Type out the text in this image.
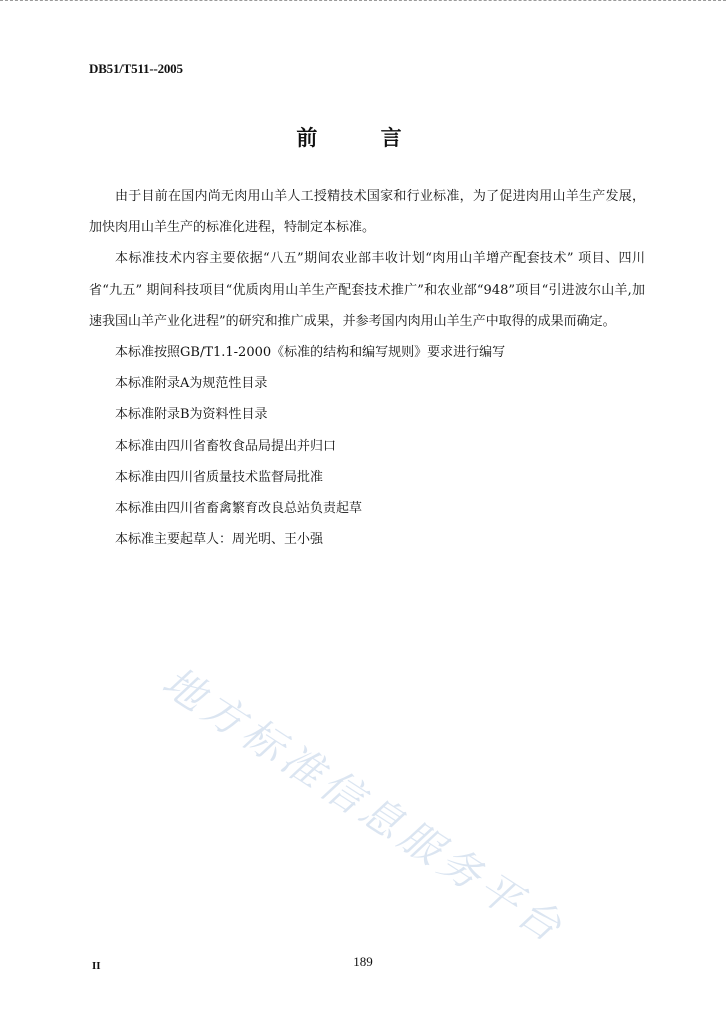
DB51/T511--2005
前 言

由于目前在国内尚无肉用山羊人工授精技术国家和行业标准，为了促进肉用山羊生产发展，加快肉用山羊生产的标准化进程，特制定本标准。

本标准技术内容主要依据“八五”期间农业部丰收计划“肉用山羊增产配套技术” 项目、四川省“九五” 期间科技项目“优质肉用山羊生产配套技术推广”和农业部“948”项目“引进波尔山羊,加速我国山羊产业化进程”的研究和推广成果，并参考国内肉用山羊生产中取得的成果而确定。

本标准按照GB/T1.1-2000《标准的结构和编写规则》要求进行编写

本标准附录A为规范性目录

本标准附录B为资料性目录

本标准由四川省畜牧食品局提出并归口

本标准由四川省质量技术监督局批准

本标准由四川省畜禽繁育改良总站负责起草

本标准主要起草人：周光明、王小强

地方标准信息服务平台
189
II
